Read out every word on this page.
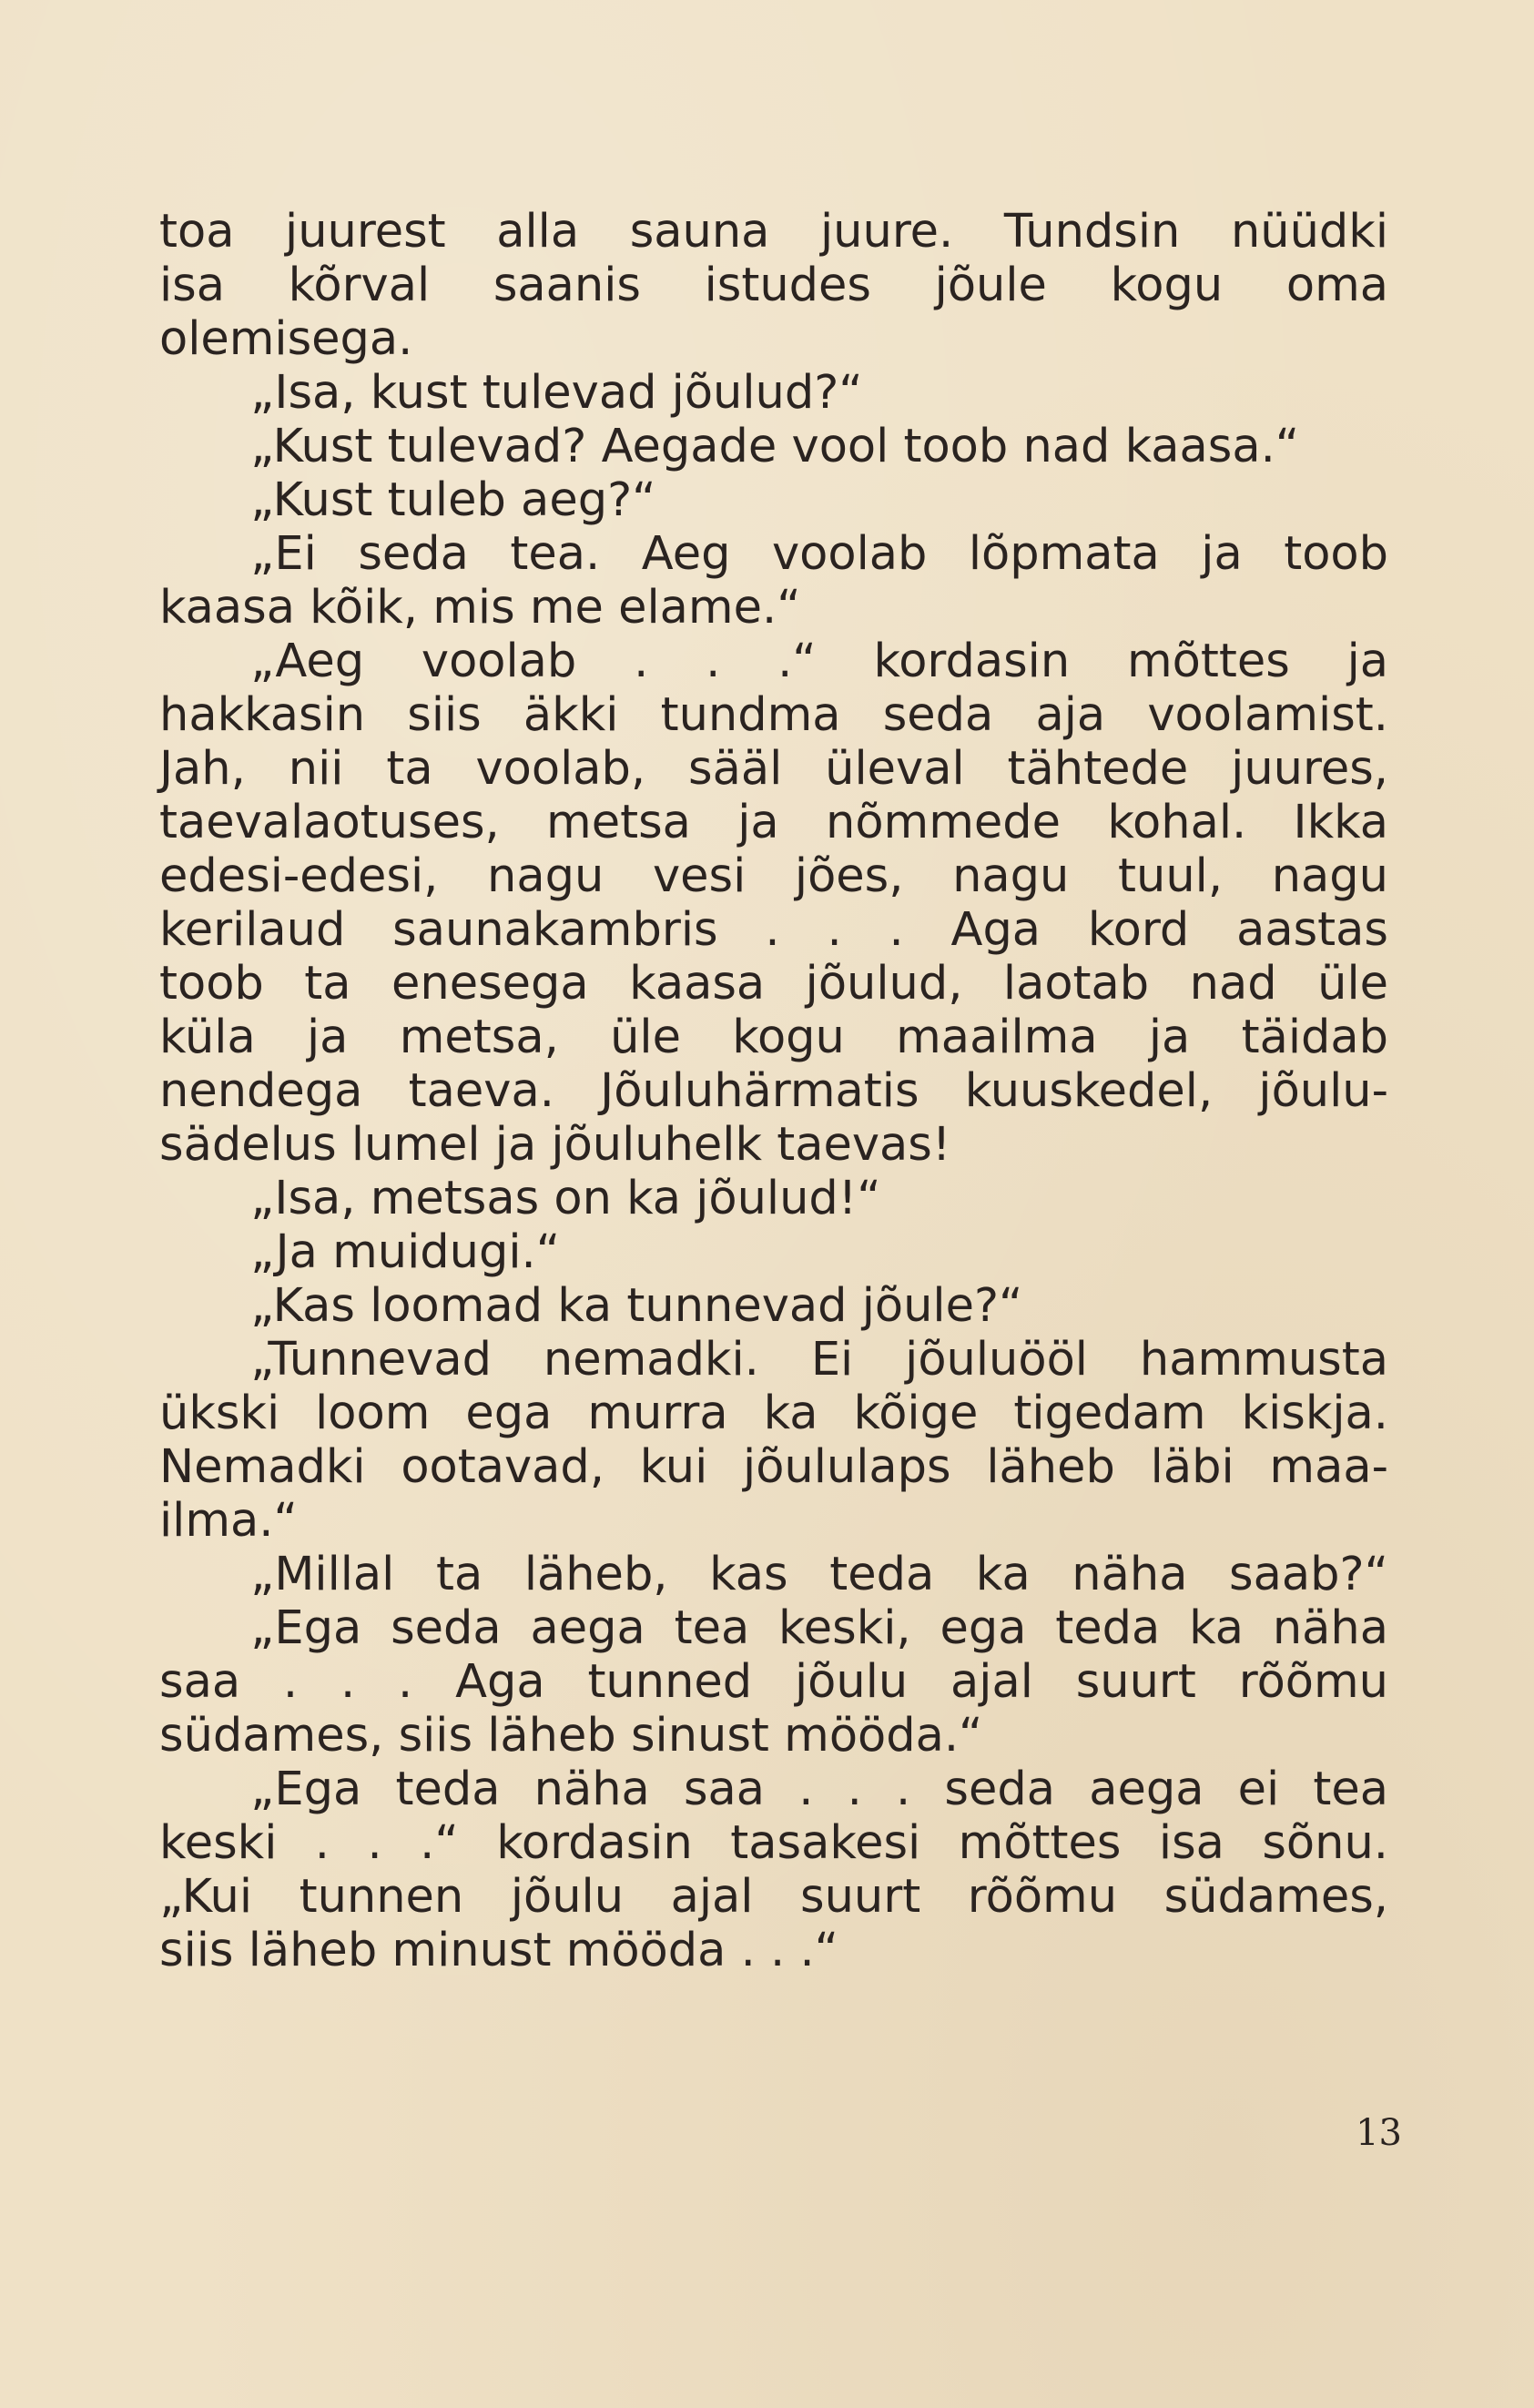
toa juurest alla sauna juure. Tundsin nüüdki
isa kõrval saanis istudes jõule kogu oma
olemisega.
„Isa, kust tulevad jõulud?“
„Kust tulevad? Aegade vool toob nad kaasa.“
„Kust tuleb aeg?“
„Ei seda tea. Aeg voolab lõpmata ja toob
kaasa kõik, mis me elame.“
„Aeg voolab . . .“ kordasin mõttes ja
hakkasin siis äkki tundma seda aja voolamist.
Jah, nii ta voolab, sääl üleval tähtede juures,
taevalaotuses, metsa ja nõmmede kohal. Ikka
edesi-edesi, nagu vesi jões, nagu tuul, nagu
kerilaud saunakambris . . . Aga kord aastas
toob ta enesega kaasa jõulud, laotab nad üle
küla ja metsa, üle kogu maailma ja täidab
nendega taeva. Jõuluhärmatis kuuskedel, jõulu-
sädelus lumel ja jõuluhelk taevas!
„Isa, metsas on ka jõulud!“
„Ja muidugi.“
„Kas loomad ka tunnevad jõule?“
„Tunnevad nemadki. Ei jõuluööl hammusta
ükski loom ega murra ka kõige tigedam kiskja.
Nemadki ootavad, kui jõululaps läheb läbi maa-
ilma.“
„Millal ta läheb, kas teda ka näha saab?“
„Ega seda aega tea keski, ega teda ka näha
saa . . . Aga tunned jõulu ajal suurt rõõmu
südames, siis läheb sinust mööda.“
„Ega teda näha saa . . . seda aega ei tea
keski . . .“ kordasin tasakesi mõttes isa sõnu.
„Kui tunnen jõulu ajal suurt rõõmu südames,
siis läheb minust mööda . . .“
13
